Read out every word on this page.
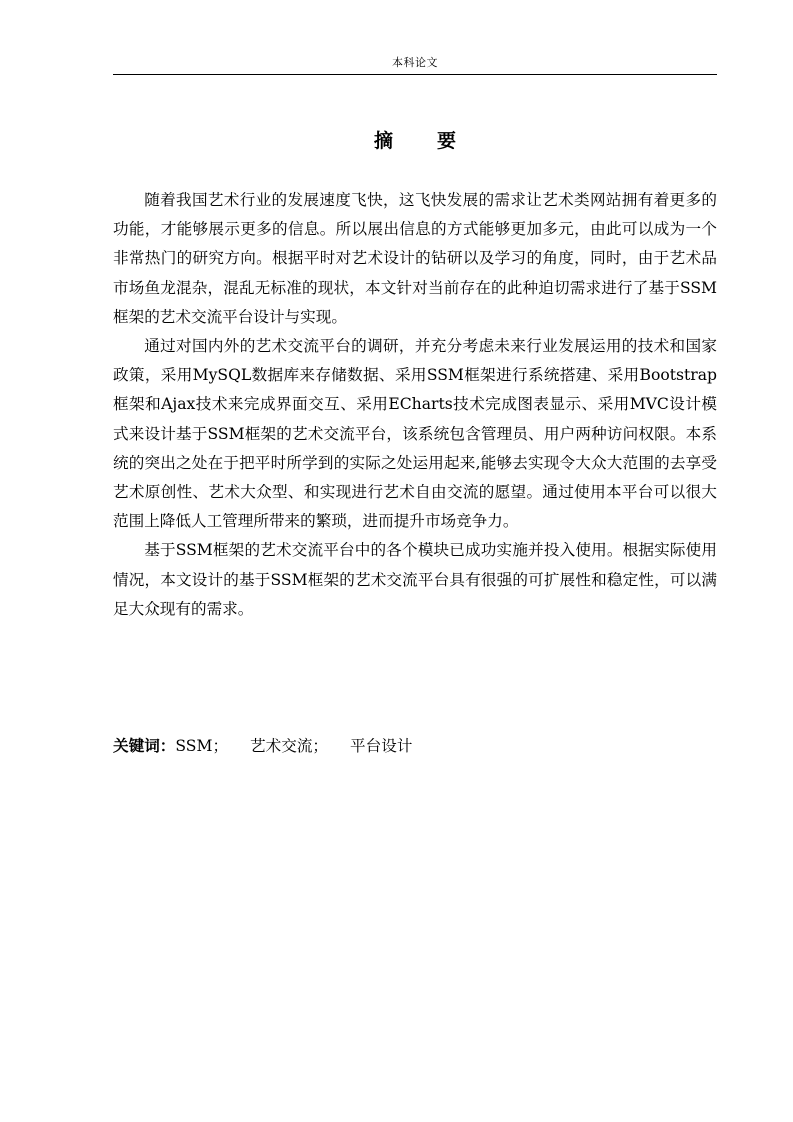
本科论文
摘 要

随着我国艺术行业的发展速度飞快，这飞快发展的需求让艺术类网站拥有着更多的功能，才能够展示更多的信息。所以展出信息的方式能够更加多元，由此可以成为一个非常热门的研究方向。根据平时对艺术设计的钻研以及学习的角度，同时，由于艺术品市场鱼龙混杂，混乱无标准的现状，本文针对当前存在的此种迫切需求进行了基于SSM框架的艺术交流平台设计与实现。

通过对国内外的艺术交流平台的调研，并充分考虑未来行业发展运用的技术和国家政策，采用MySQL数据库来存储数据、采用SSM框架进行系统搭建、采用Bootstrap框架和Ajax技术来完成界面交互、采用ECharts技术完成图表显示、采用MVC设计模式来设计基于SSM框架的艺术交流平台，该系统包含管理员、用户两种访问权限。本系统的突出之处在于把平时所学到的实际之处运用起来,能够去实现令大众大范围的去享受艺术原创性、艺术大众型、和实现进行艺术自由交流的愿望。通过使用本平台可以很大范围上降低人工管理所带来的繁琐，进而提升市场竞争力。

基于SSM框架的艺术交流平台中的各个模块已成功实施并投入使用。根据实际使用情况，本文设计的基于SSM框架的艺术交流平台具有很强的可扩展性和稳定性，可以满足大众现有的需求。

关键词：SSM； 艺术交流； 平台设计
